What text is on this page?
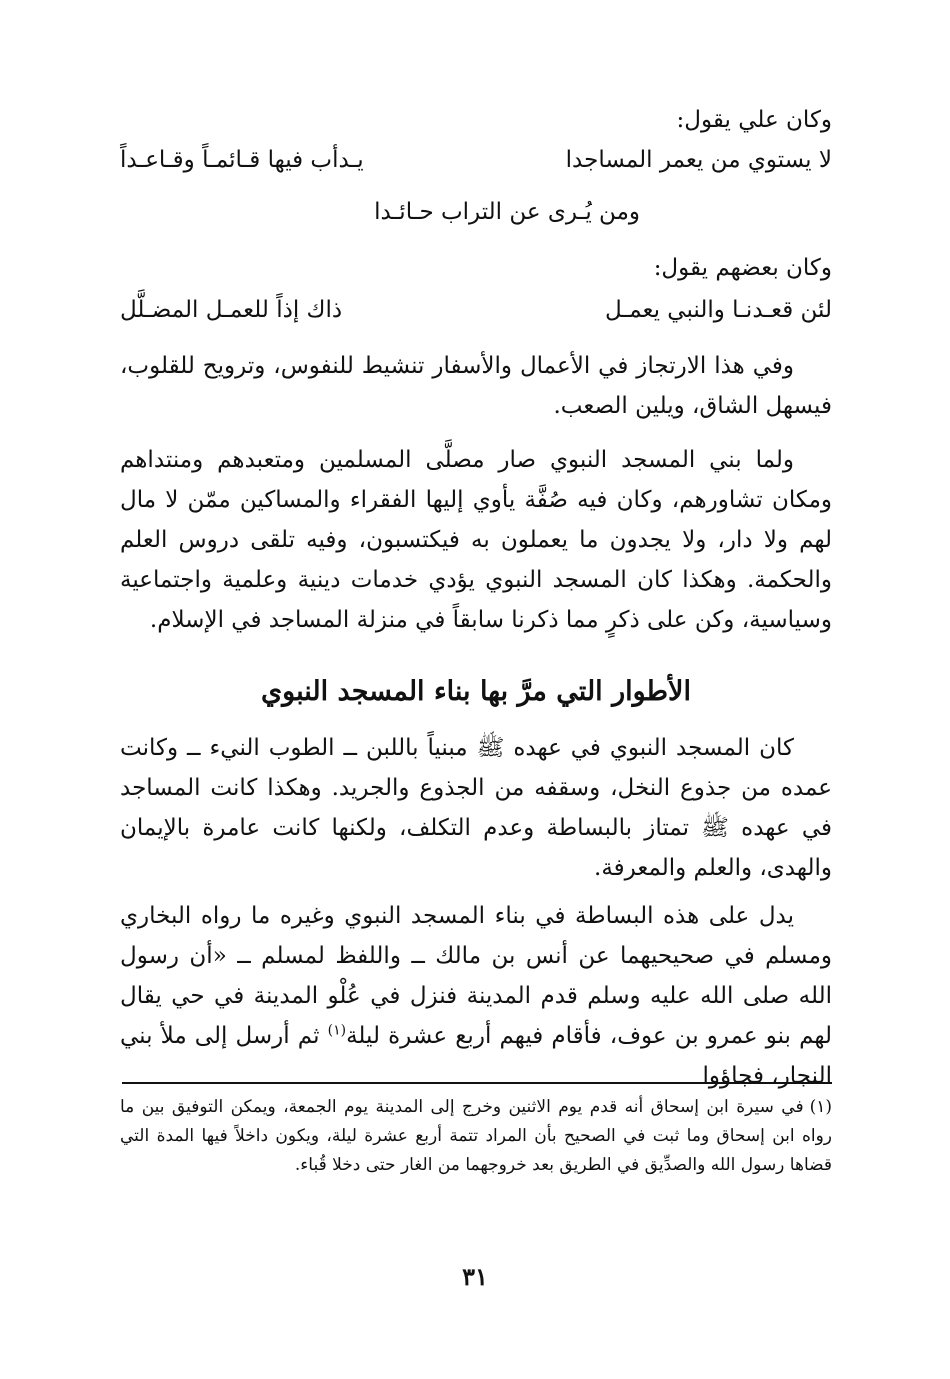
وكان علي يقول:
لا يستوي من يعمر المساجدا
يـدأب فيها قـائمـاً وقـاعـداً
ومن يُـرى عن التراب حـائـدا
وكان بعضهم يقول:
لئن قعـدنـا والنبي يعمـل
ذاك إذاً للعمـل المضـلَّل

وفي هذا الارتجاز في الأعمال والأسفار تنشيط للنفوس، وترويح للقلوب، فيسهل الشاق، ويلين الصعب.

ولما بني المسجد النبوي صار مصلَّى المسلمين ومتعبدهم ومنتداهم ومكان تشاورهم، وكان فيه صُفَّة يأوي إليها الفقراء والمساكين ممّن لا مال لهم ولا دار، ولا يجدون ما يعملون به فيكتسبون، وفيه تلقى دروس العلم والحكمة. وهكذا كان المسجد النبوي يؤدي خدمات دينية وعلمية واجتماعية وسياسية، وكن على ذكرٍ مما ذكرنا سابقاً في منزلة المساجد في الإسلام.

الأطوار التي مرَّ بها بناء المسجد النبوي

كان المسجد النبوي في عهده ﷺ مبنياً باللبن ــ الطوب النيء ــ وكانت عمده من جذوع النخل، وسقفه من الجذوع والجريد. وهكذا كانت المساجد في عهده ﷺ تمتاز بالبساطة وعدم التكلف، ولكنها كانت عامرة بالإيمان والهدى، والعلم والمعرفة.

يدل على هذه البساطة في بناء المسجد النبوي وغيره ما رواه البخاري ومسلم في صحيحيهما عن أنس بن مالك ــ واللفظ لمسلم ــ «أن رسول الله صلى الله عليه وسلم قدم المدينة فنزل في عُلْو المدينة في حي يقال لهم بنو عمرو بن عوف، فأقام فيهم أربع عشرة ليلة$^{(١)}$ ثم أرسل إلى ملأ بني النجار، فجاؤوا

(١)في سيرة ابن إسحاق أنه قدم يوم الاثنين وخرج إلى المدينة يوم الجمعة، ويمكن التوفيق بين ما رواه ابن إسحاق وما ثبت في الصحيح بأن المراد تتمة أربع عشرة ليلة، ويكون داخلاً فيها المدة التي قضاها رسول الله والصدِّيق في الطريق بعد خروجهما من الغار حتى دخلا قُباء.

٣١
